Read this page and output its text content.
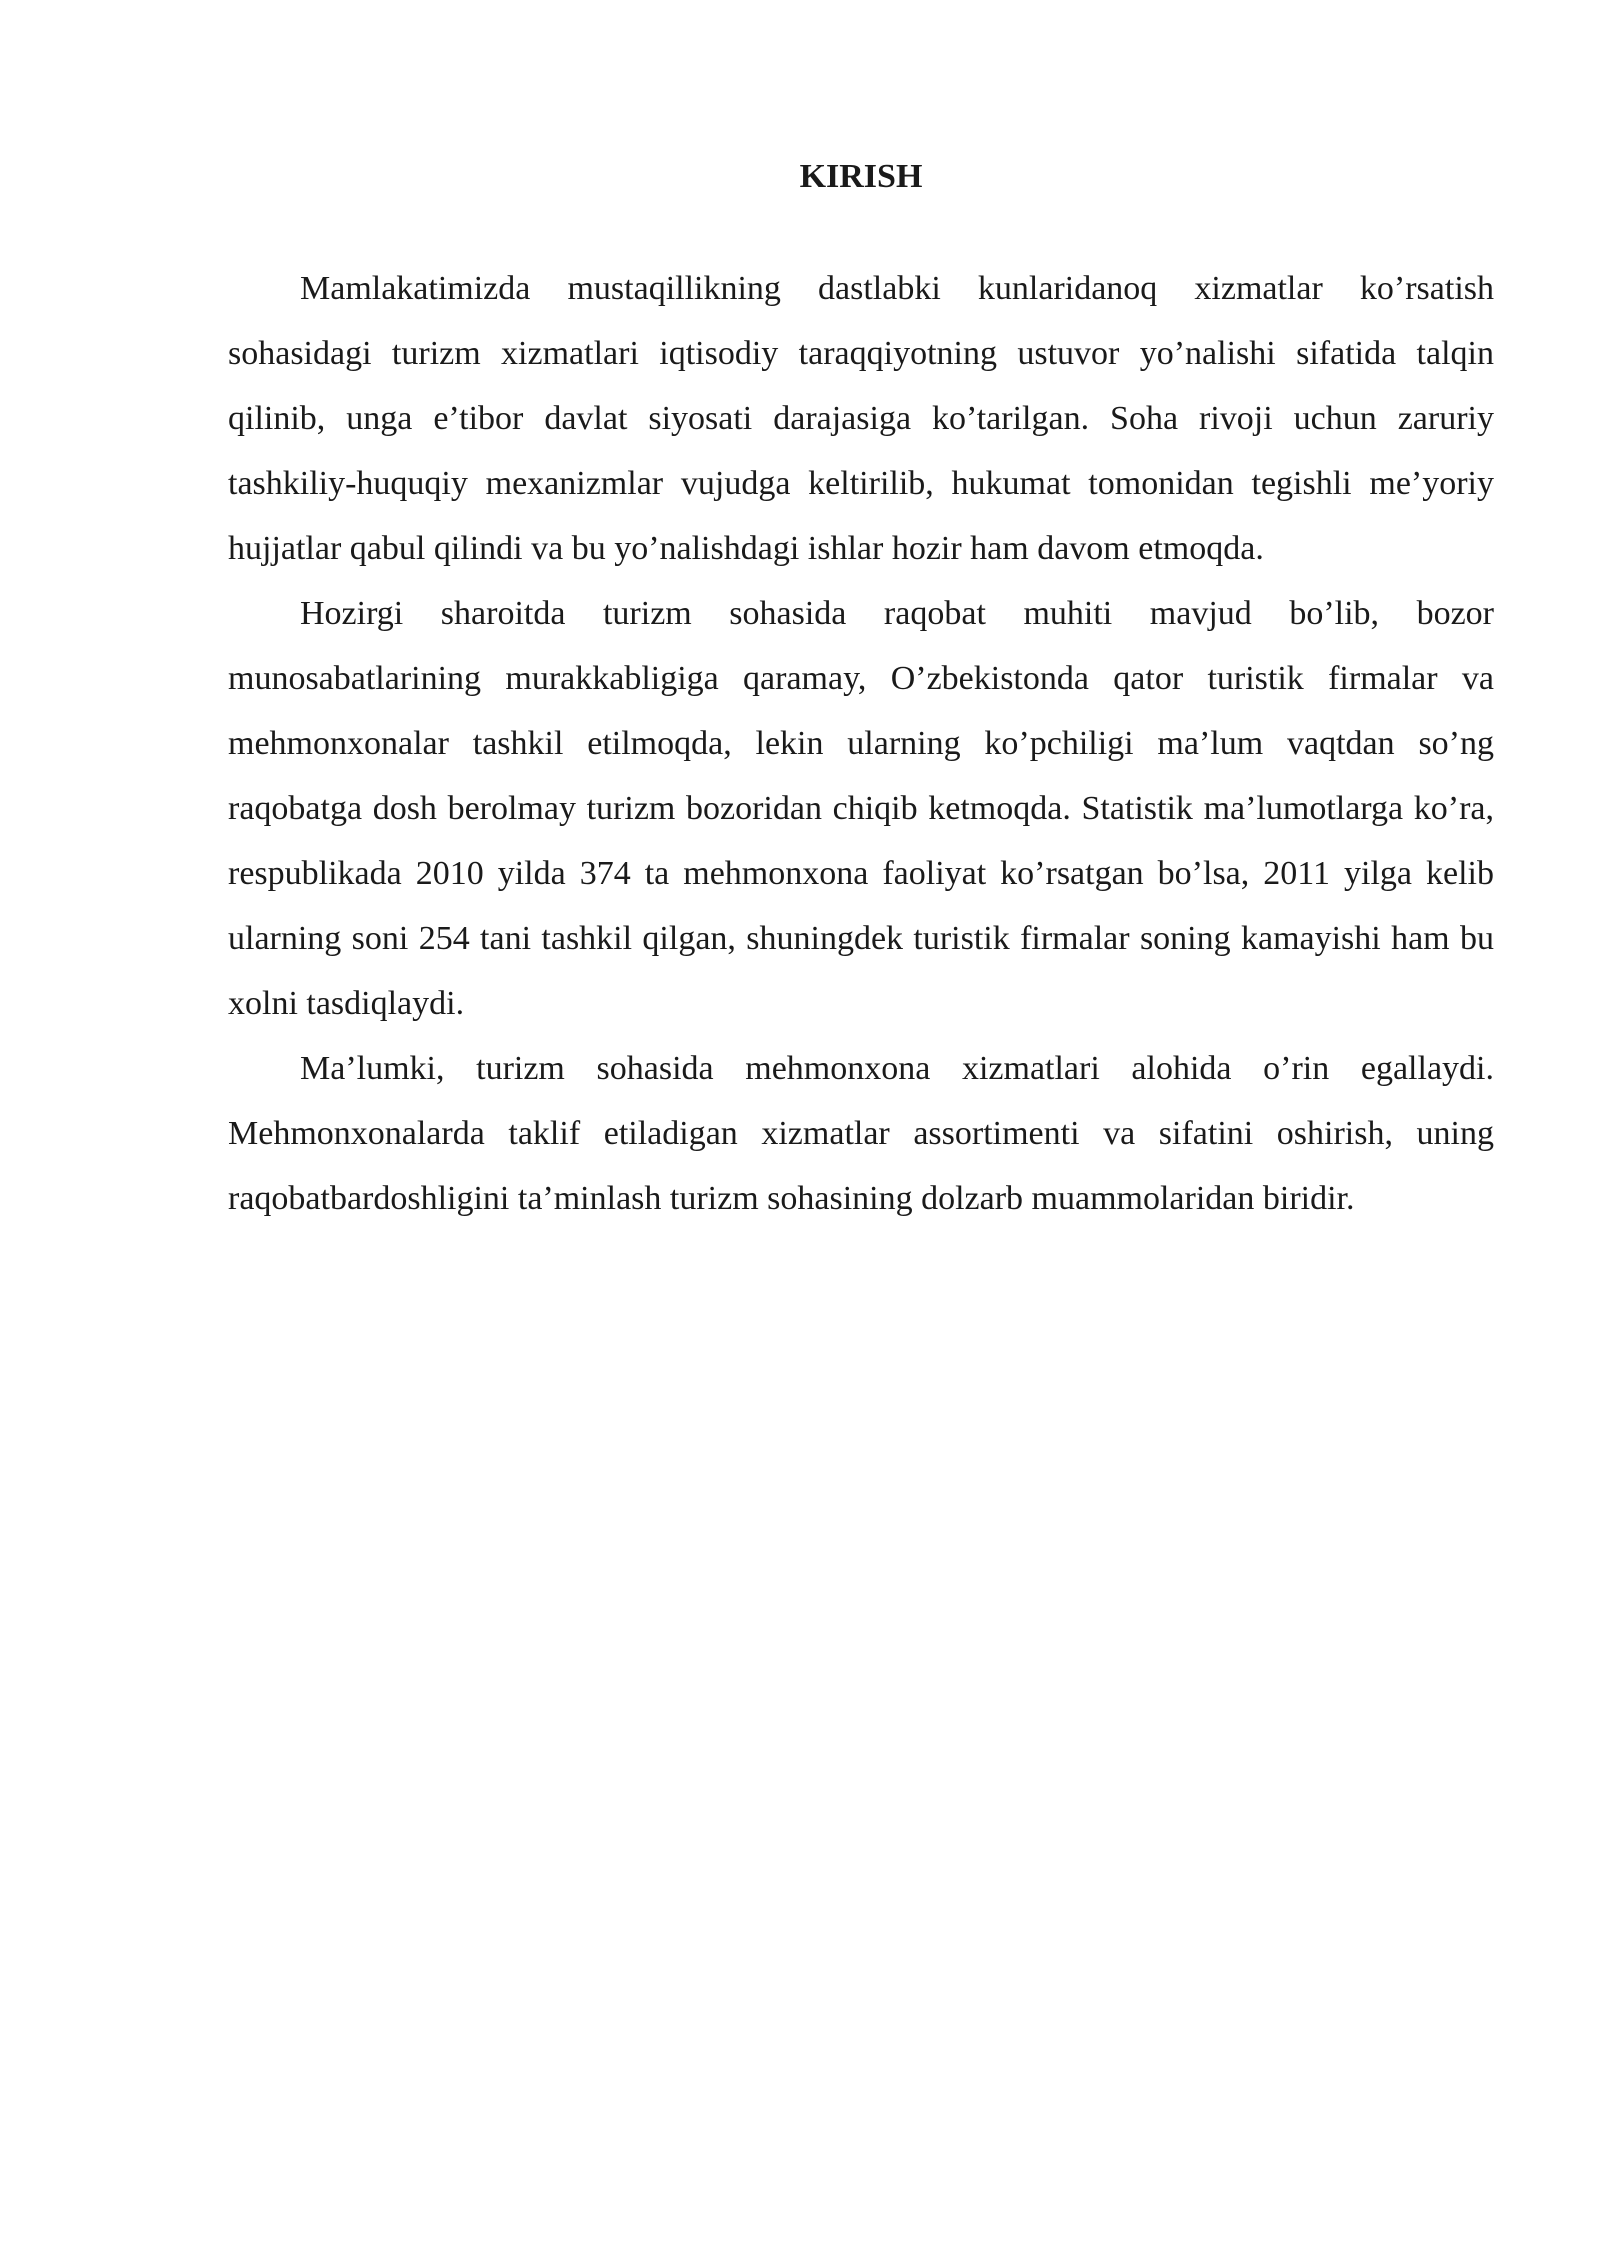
KIRISH

Mamlakatimizda mustaqillikning dastlabki kunlaridanoq xizmatlar ko’rsatish sohasidagi turizm xizmatlari iqtisodiy taraqqiyotning ustuvor yo’nalishi sifatida talqin qilinib, unga e’tibor davlat siyosati darajasiga ko’tarilgan. Soha rivoji uchun zaruriy tashkiliy-huquqiy mexanizmlar vujudga keltirilib, hukumat tomonidan tegishli me’yoriy hujjatlar qabul qilindi va bu yo’nalishdagi ishlar hozir ham davom etmoqda.

Hozirgi sharoitda turizm sohasida raqobat muhiti mavjud bo’lib, bozor munosabatlarining murakkabligiga qaramay, O’zbekistonda qator turistik firmalar va mehmonxonalar tashkil etilmoqda, lekin ularning ko’pchiligi ma’lum vaqtdan so’ng raqobatga dosh berolmay turizm bozoridan chiqib ketmoqda. Statistik ma’lumotlarga ko’ra, respublikada 2010 yilda 374 ta mehmonxona faoliyat ko’rsatgan bo’lsa, 2011 yilga kelib ularning soni 254 tani tashkil qilgan, shuningdek turistik firmalar soning kamayishi ham bu xolni tasdiqlaydi.

Ma’lumki, turizm sohasida mehmonxona xizmatlari alohida o’rin egallaydi. Mehmonxonalarda taklif etiladigan xizmatlar assortimenti va sifatini oshirish, uning raqobatbardoshligini ta’minlash turizm sohasining dolzarb muammolaridan biridir.
